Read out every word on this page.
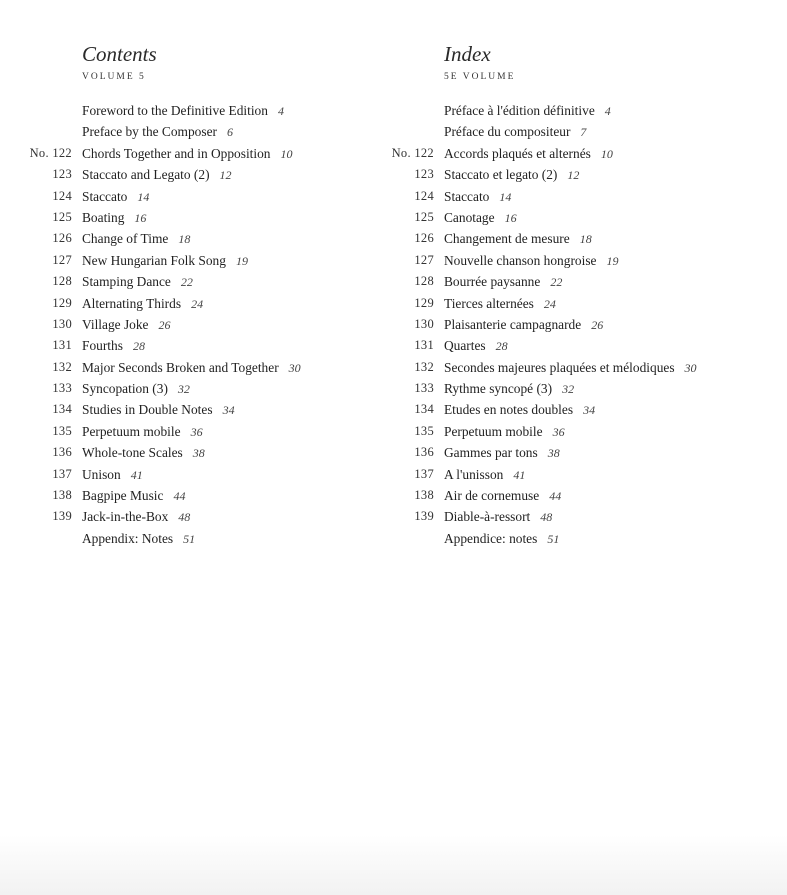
Contents
VOLUME 5
Foreword to the Definitive Edition 4
Preface by the Composer 6
No. 122 Chords Together and in Opposition 10
123 Staccato and Legato (2) 12
124 Staccato 14
125 Boating 16
126 Change of Time 18
127 New Hungarian Folk Song 19
128 Stamping Dance 22
129 Alternating Thirds 24
130 Village Joke 26
131 Fourths 28
132 Major Seconds Broken and Together 30
133 Syncopation (3) 32
134 Studies in Double Notes 34
135 Perpetuum mobile 36
136 Whole-tone Scales 38
137 Unison 41
138 Bagpipe Music 44
139 Jack-in-the-Box 48
Appendix: Notes 51
Index
5E VOLUME
Préface à l'édition définitive 4
Préface du compositeur 7
No. 122 Accords plaqués et alternés 10
123 Staccato et legato (2) 12
124 Staccato 14
125 Canotage 16
126 Changement de mesure 18
127 Nouvelle chanson hongroise 19
128 Bourrée paysanne 22
129 Tierces alternées 24
130 Plaisanterie campagnarde 26
131 Quartes 28
132 Secondes majeures plaquées et mélodiques 30
133 Rythme syncopé (3) 32
134 Etudes en notes doubles 34
135 Perpetuum mobile 36
136 Gammes par tons 38
137 A l'unisson 41
138 Air de cornemuse 44
139 Diable-à-ressort 48
Appendice: notes 51
